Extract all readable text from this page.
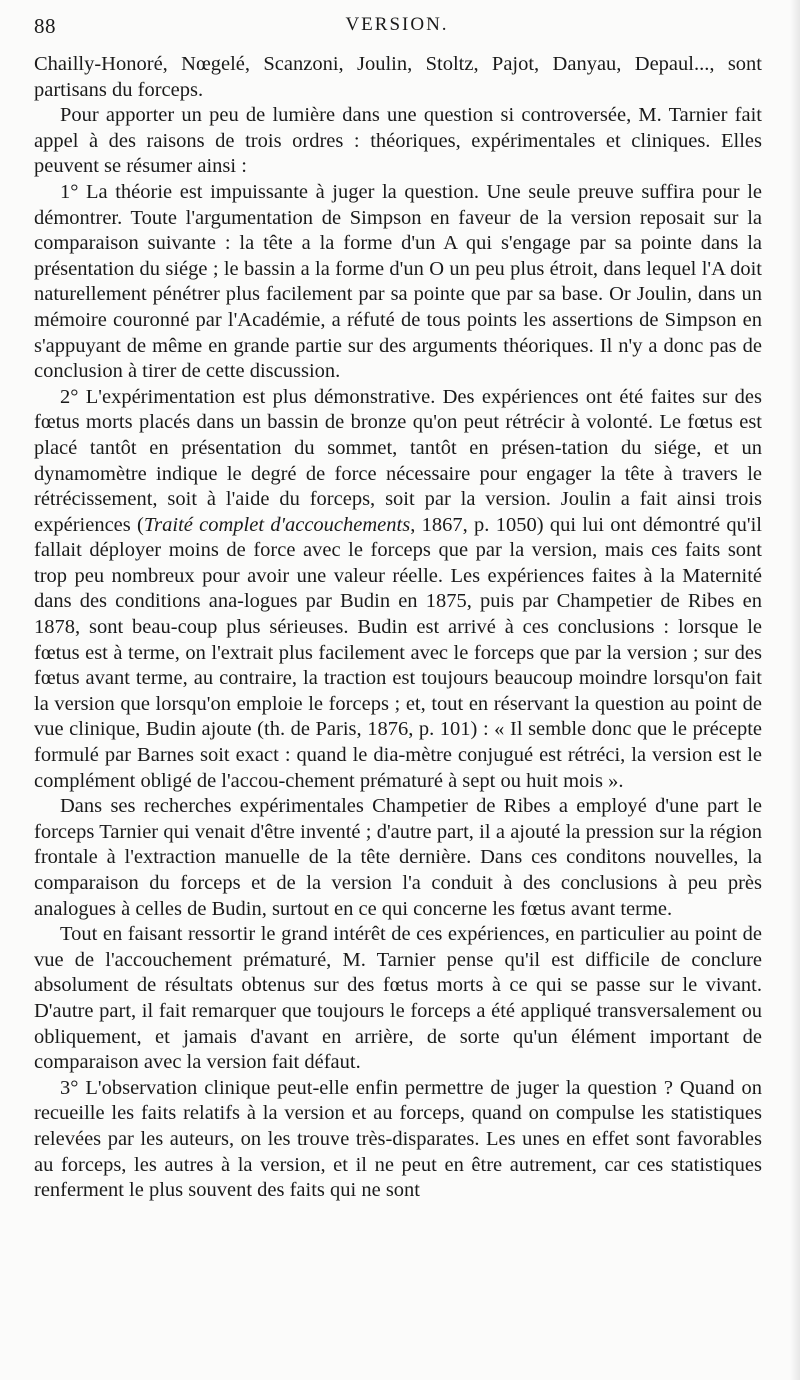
88	VERSION.

Chailly-Honoré, Nœgelé, Scanzoni, Joulin, Stoltz, Pajot, Danyau, Depaul..., sont partisans du forceps.

Pour apporter un peu de lumière dans une question si controversée, M. Tarnier fait appel à des raisons de trois ordres : théoriques, expérimentales et cliniques. Elles peuvent se résumer ainsi :

1° La théorie est impuissante à juger la question. Une seule preuve suffira pour le démontrer. Toute l'argumentation de Simpson en faveur de la version reposait sur la comparaison suivante : la tête a la forme d'un A qui s'engage par sa pointe dans la présentation du siége ; le bassin a la forme d'un O un peu plus étroit, dans lequel l'A doit naturellement pénétrer plus facilement par sa pointe que par sa base. Or Joulin, dans un mémoire couronné par l'Académie, a réfuté de tous points les assertions de Simpson en s'appuyant de même en grande partie sur des arguments théoriques. Il n'y a donc pas de conclusion à tirer de cette discussion.

2° L'expérimentation est plus démonstrative. Des expériences ont été faites sur des fœtus morts placés dans un bassin de bronze qu'on peut rétrécir à volonté. Le fœtus est placé tantôt en présentation du sommet, tantôt en présen-tation du siége, et un dynamomètre indique le degré de force nécessaire pour engager la tête à travers le rétrécissement, soit à l'aide du forceps, soit par la version. Joulin a fait ainsi trois expériences (Traité complet d'accouchements, 1867, p. 1050) qui lui ont démontré qu'il fallait déployer moins de force avec le forceps que par la version, mais ces faits sont trop peu nombreux pour avoir une valeur réelle. Les expériences faites à la Maternité dans des conditions ana-logues par Budin en 1875, puis par Champetier de Ribes en 1878, sont beau-coup plus sérieuses. Budin est arrivé à ces conclusions : lorsque le fœtus est à terme, on l'extrait plus facilement avec le forceps que par la version ; sur des fœtus avant terme, au contraire, la traction est toujours beaucoup moindre lorsqu'on fait la version que lorsqu'on emploie le forceps ; et, tout en réservant la question au point de vue clinique, Budin ajoute (th. de Paris, 1876, p. 101) : « Il semble donc que le précepte formulé par Barnes soit exact : quand le dia-mètre conjugué est rétréci, la version est le complément obligé de l'accou-chement prématuré à sept ou huit mois ».

Dans ses recherches expérimentales Champetier de Ribes a employé d'une part le forceps Tarnier qui venait d'être inventé ; d'autre part, il a ajouté la pression sur la région frontale à l'extraction manuelle de la tête dernière. Dans ces conditons nouvelles, la comparaison du forceps et de la version l'a conduit à des conclusions à peu près analogues à celles de Budin, surtout en ce qui concerne les fœtus avant terme.

Tout en faisant ressortir le grand intérêt de ces expériences, en particulier au point de vue de l'accouchement prématuré, M. Tarnier pense qu'il est difficile de conclure absolument de résultats obtenus sur des fœtus morts à ce qui se passe sur le vivant. D'autre part, il fait remarquer que toujours le forceps a été appliqué transversalement ou obliquement, et jamais d'avant en arrière, de sorte qu'un élément important de comparaison avec la version fait défaut.

3° L'observation clinique peut-elle enfin permettre de juger la question ? Quand on recueille les faits relatifs à la version et au forceps, quand on compulse les statistiques relevées par les auteurs, on les trouve très-disparates. Les unes en effet sont favorables au forceps, les autres à la version, et il ne peut en être autrement, car ces statistiques renferment le plus souvent des faits qui ne sont
